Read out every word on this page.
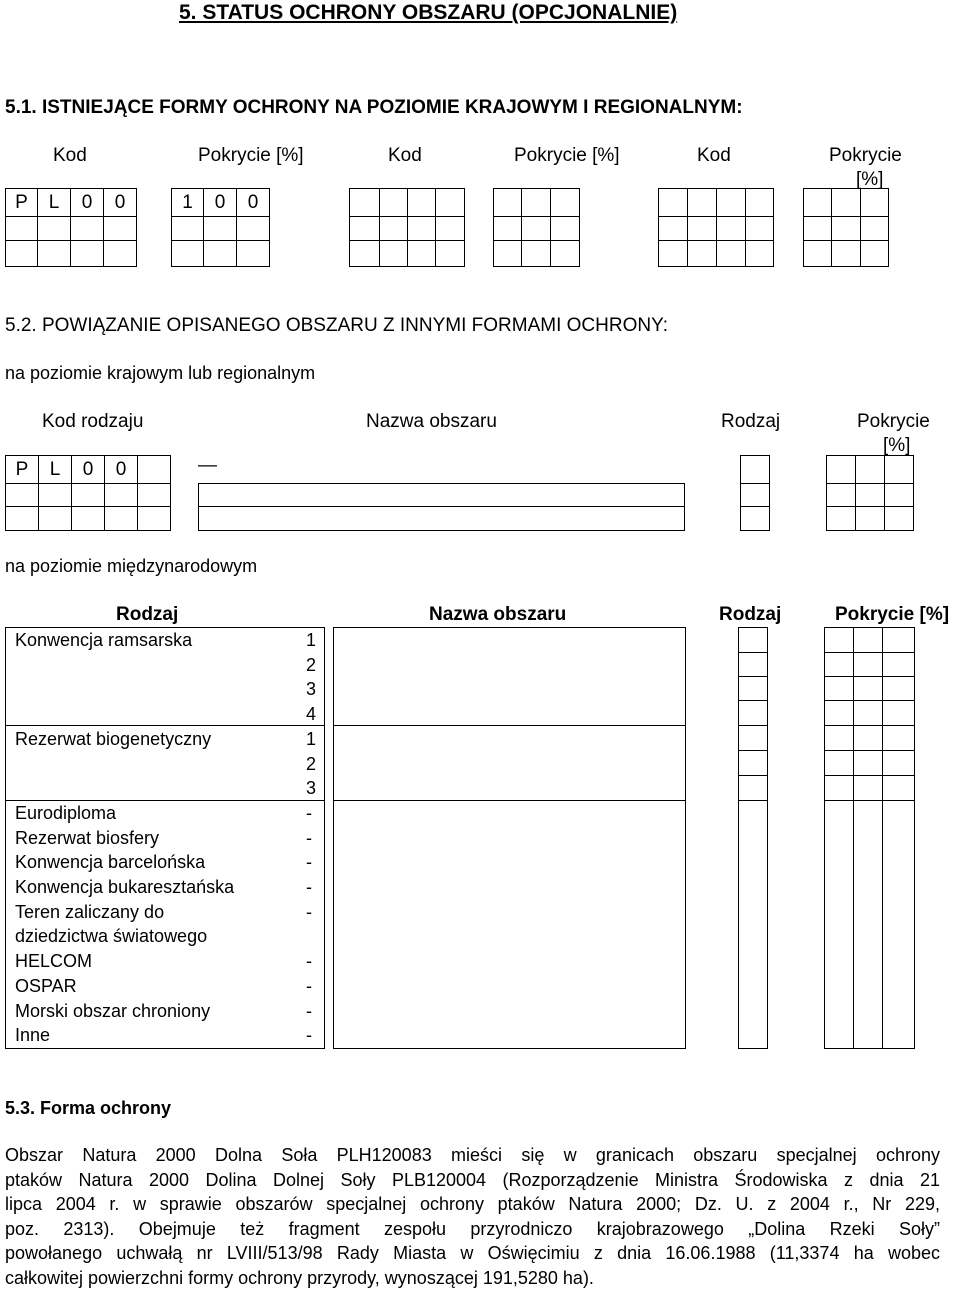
5. STATUS OCHRONY OBSZARU (OPCJONALNIE)
5.1. ISTNIEJĄCE FORMY OCHRONY NA POZIOMIE KRAJOWYM I REGIONALNYM:
Kod	Pokrycie [%]	Kod	Pokrycie [%]	Kod	Pokrycie
[%]
P	L	0	0	1	0	0
5.2. POWIĄZANIE OPISANEGO OBSZARU Z INNYMI FORMAMI OCHRONY:
na poziomie krajowym lub regionalnym
Kod rodzaju	Nazwa obszaru	Rodzaj	Pokrycie
[%]
P	L	0	0	—
na poziomie międzynarodowym
Rodzaj	Nazwa obszaru	Rodzaj	Pokrycie [%]
Konwencja ramsarska	1
2
3
4
Rezerwat biogenetyczny	1
2
3
Eurodiploma	-
Rezerwat biosfery	-
Konwencja barcelońska	-
Konwencja bukaresztańska	-
Teren zaliczany do	-
dziedzictwa światowego
HELCOM	-
OSPAR	-
Morski obszar chroniony	-
Inne	-
5.3. Forma ochrony
Obszar Natura 2000 Dolna Soła PLH120083 mieści się w granicach obszaru specjalnej ochrony
ptaków Natura 2000 Dolina Dolnej Soły PLB120004 (Rozporządzenie Ministra Środowiska z dnia 21
lipca 2004 r. w sprawie obszarów specjalnej ochrony ptaków Natura 2000; Dz. U. z 2004 r., Nr 229,
poz. 2313). Obejmuje też fragment zespołu przyrodniczo krajobrazowego „Dolina Rzeki Soły”
powołanego uchwałą nr LVIII/513/98 Rady Miasta w Oświęcimiu z dnia 16.06.1988 (11,3374 ha wobec
całkowitej powierzchni formy ochrony przyrody, wynoszącej 191,5280 ha).
